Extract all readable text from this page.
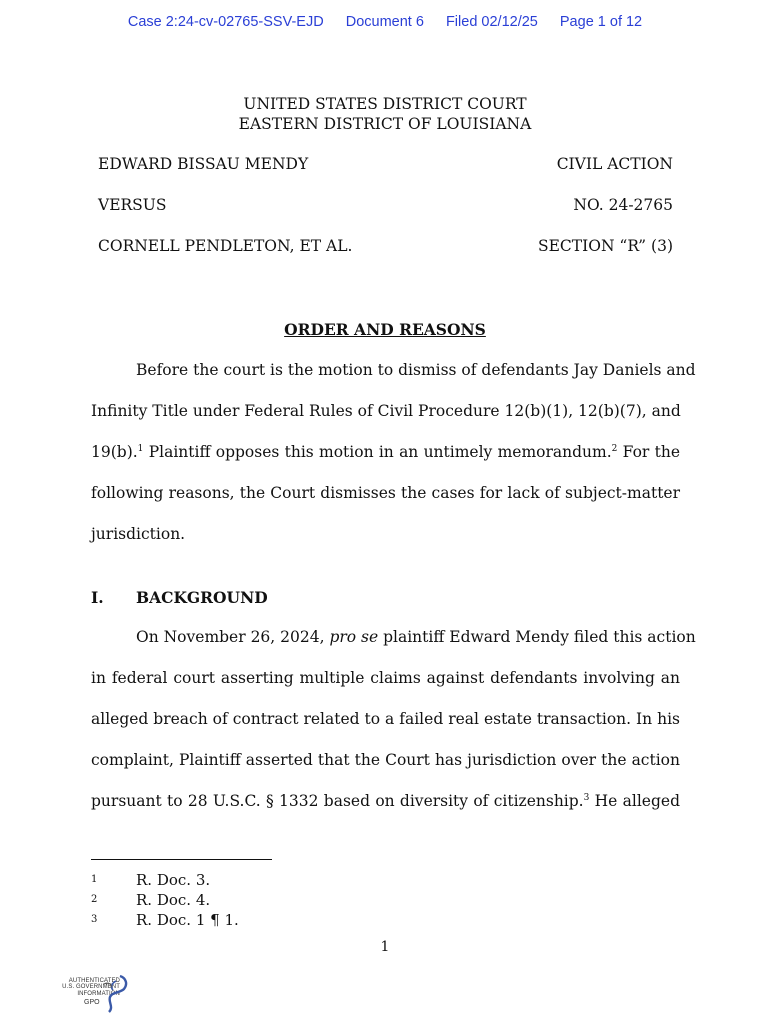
Case 2:24-cv-02765-SSV-EJD Document 6 Filed 02/12/25 Page 1 of 12
UNITED STATES DISTRICT COURT
EASTERN DISTRICT OF LOUISIANA
EDWARD BISSAU MENDY	CIVIL ACTION
VERSUS	NO. 24-2765
CORNELL PENDLETON, ET AL.	SECTION “R” (3)
ORDER AND REASONS
Before the court is the motion to dismiss of defendants Jay Daniels and
Infinity Title under Federal Rules of Civil Procedure 12(b)(1), 12(b)(7), and
19(b).$^1$ Plaintiff opposes this motion in an untimely memorandum.$^2$ For the
following reasons, the Court dismisses the cases for lack of subject-matter
jurisdiction.
I. BACKGROUND
On November 26, 2024, pro se plaintiff Edward Mendy filed this action
in federal court asserting multiple claims against defendants involving an
alleged breach of contract related to a failed real estate transaction. In his
complaint, Plaintiff asserted that the Court has jurisdiction over the action
pursuant to 28 U.S.C. § 1332 based on diversity of citizenship.$^3$ He alleged
1	R. Doc. 3.
2	R. Doc. 4.
3	R. Doc. 1 ¶ 1.
1
AUTHENTICATED
U.S. GOVERNMENT
INFORMATION
GPO
